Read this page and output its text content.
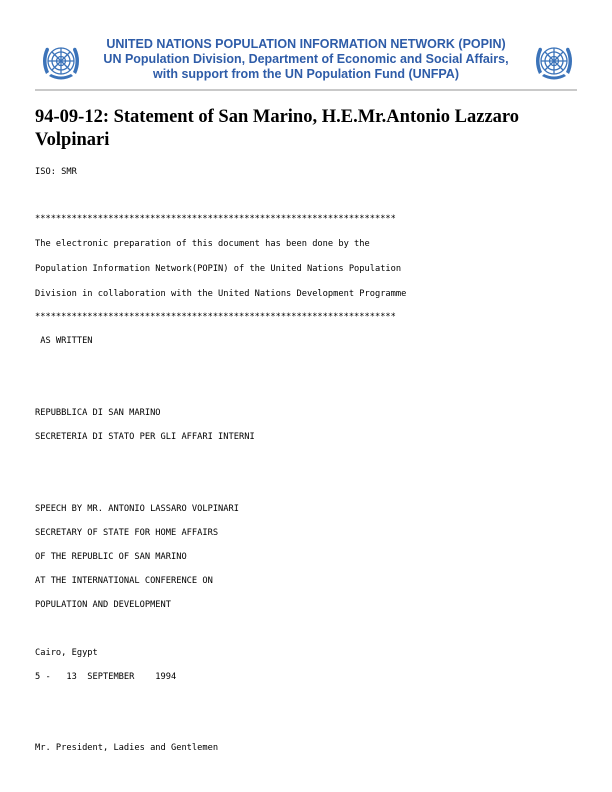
UNITED NATIONS POPULATION INFORMATION NETWORK (POPIN)
UN Population Division, Department of Economic and Social Affairs,
with support from the UN Population Fund (UNFPA)
94-09-12: Statement of San Marino, H.E.Mr.Antonio Lazzaro Volpinari

ISO: SMR

*********************************************************************

The electronic preparation of this document has been done by the

Population Information Network(POPIN) of the United Nations Population

Division in collaboration with the United Nations Development Programme

*********************************************************************

AS WRITTEN

REPUBBLICA DI SAN MARINO

SECRETERIA DI STATO PER GLI AFFARI INTERNI

SPEECH BY MR. ANTONIO LASSARO VOLPINARI

SECRETARY OF STATE FOR HOME AFFAIRS

OF THE REPUBLIC OF SAN MARINO

AT THE INTERNATIONAL CONFERENCE ON

POPULATION AND DEVELOPMENT

Cairo, Egypt

5 -   13  SEPTEMBER    1994

Mr. President, Ladies and Gentlemen
